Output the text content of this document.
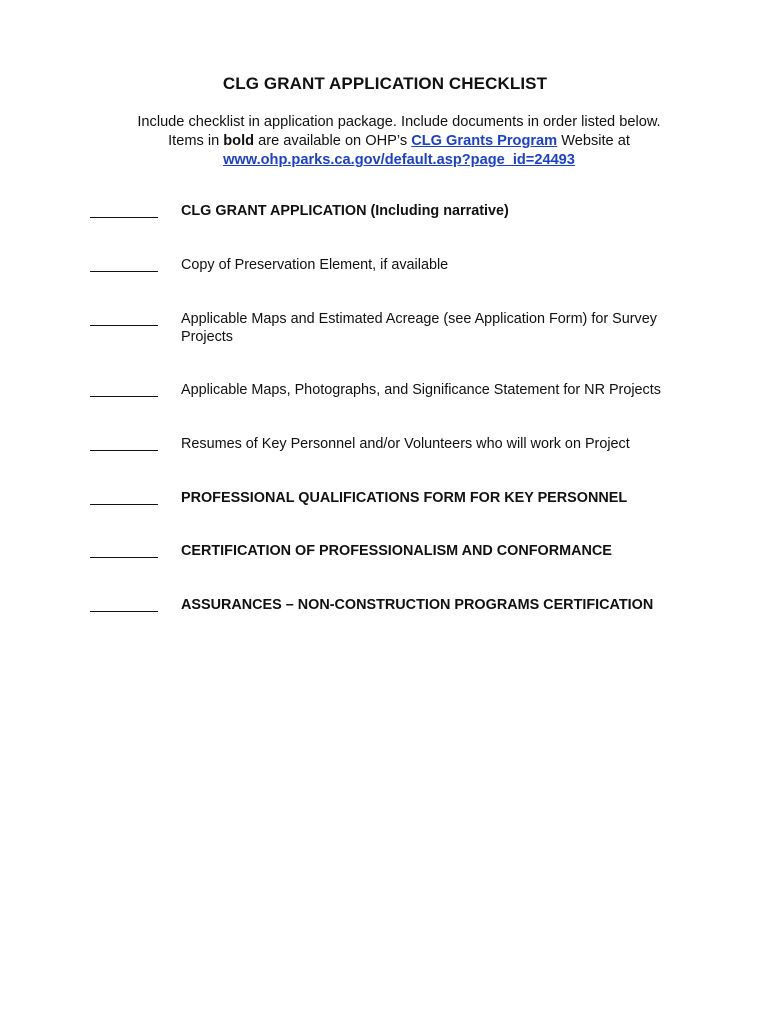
CLG GRANT APPLICATION CHECKLIST
Include checklist in application package. Include documents in order listed below.
Items in bold are available on OHP’s CLG Grants Program Website at
www.ohp.parks.ca.gov/default.asp?page_id=24493
CLG GRANT APPLICATION (Including narrative)
Copy of Preservation Element, if available
Applicable Maps and Estimated Acreage (see Application Form) for Survey Projects
Applicable Maps, Photographs, and Significance Statement for NR Projects
Resumes of Key Personnel and/or Volunteers who will work on Project
PROFESSIONAL QUALIFICATIONS FORM FOR KEY PERSONNEL
CERTIFICATION OF PROFESSIONALISM AND CONFORMANCE
ASSURANCES – NON-CONSTRUCTION PROGRAMS CERTIFICATION
